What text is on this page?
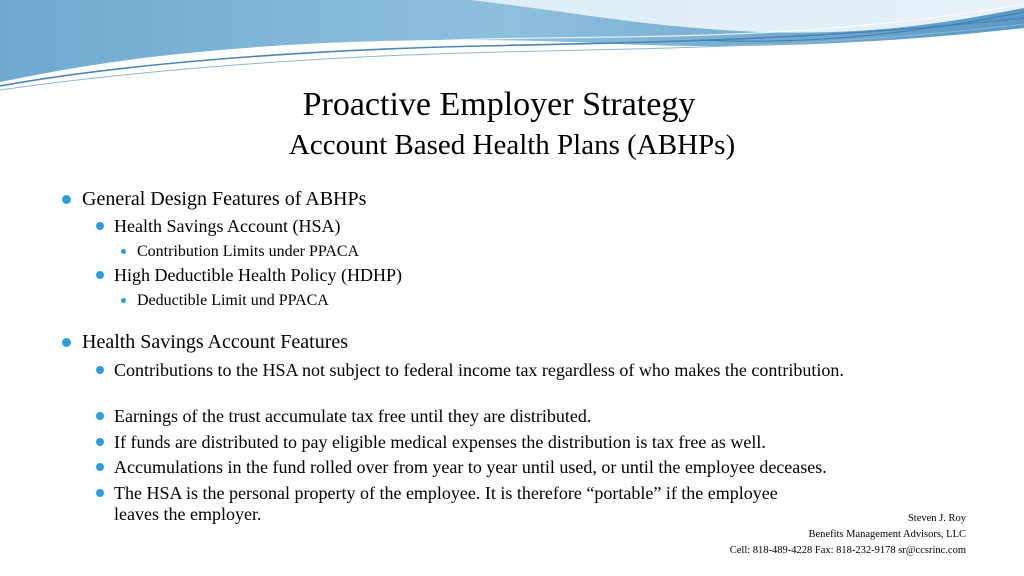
Proactive Employer Strategy
Account Based Health Plans (ABHPs)
General Design Features of ABHPs
Health Savings Account (HSA)
Contribution Limits under PPACA
High Deductible Health Policy (HDHP)
Deductible Limit und PPACA
Health Savings Account Features
Contributions to the HSA not subject to federal income tax regardless of who makes the contribution.
Earnings of the trust accumulate tax free until they are distributed.
If funds are distributed to pay eligible medical expenses the distribution is tax free as well.
Accumulations in the fund rolled over from year to year until used, or until the employee deceases.
The HSA is the personal property of the employee. It is therefore “portable” if the employee leaves the employer.	Steven J. Roy
Benefits Management Advisors, LLC
Cell: 818-489-4228 Fax: 818-232-9178 sr@ccsrinc.com
